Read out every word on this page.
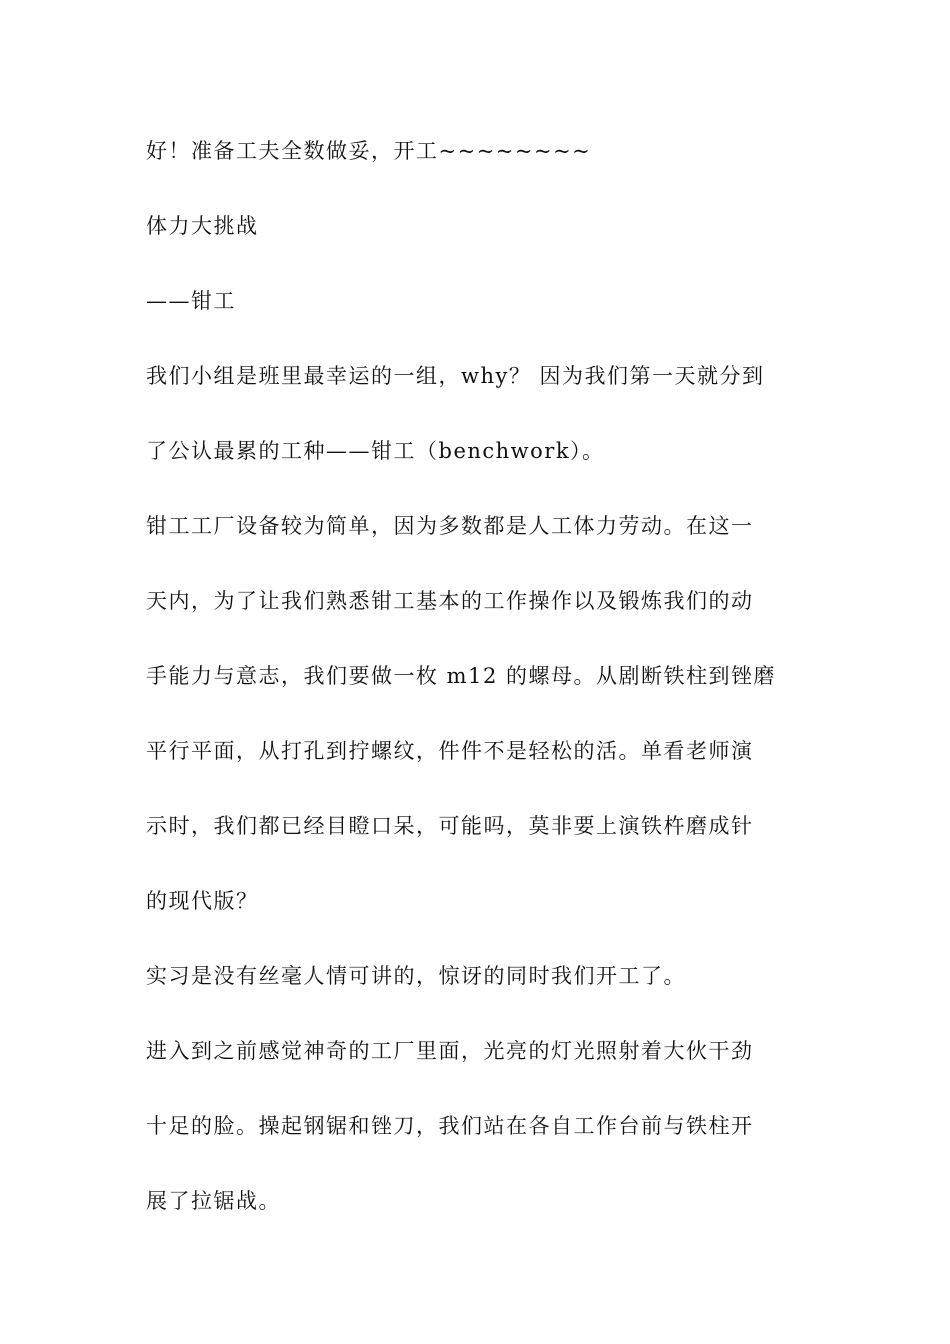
好！准备工夫全数做妥，开工~~~~~~~~

体力大挑战

——钳工

我们小组是班里最幸运的一组，why？ 因为我们第一天就分到

了公认最累的工种——钳工（benchwork）。

钳工工厂设备较为简单，因为多数都是人工体力劳动。在这一

天内，为了让我们熟悉钳工基本的工作操作以及锻炼我们的动

手能力与意志，我们要做一枚 m12 的螺母。从剧断铁柱到锉磨

平行平面，从打孔到拧螺纹，件件不是轻松的活。单看老师演

示时，我们都已经目瞪口呆，可能吗，莫非要上演铁杵磨成针

的现代版？

实习是没有丝毫人情可讲的，惊讶的同时我们开工了。

进入到之前感觉神奇的工厂里面，光亮的灯光照射着大伙干劲

十足的脸。操起钢锯和锉刀，我们站在各自工作台前与铁柱开

展了拉锯战。
